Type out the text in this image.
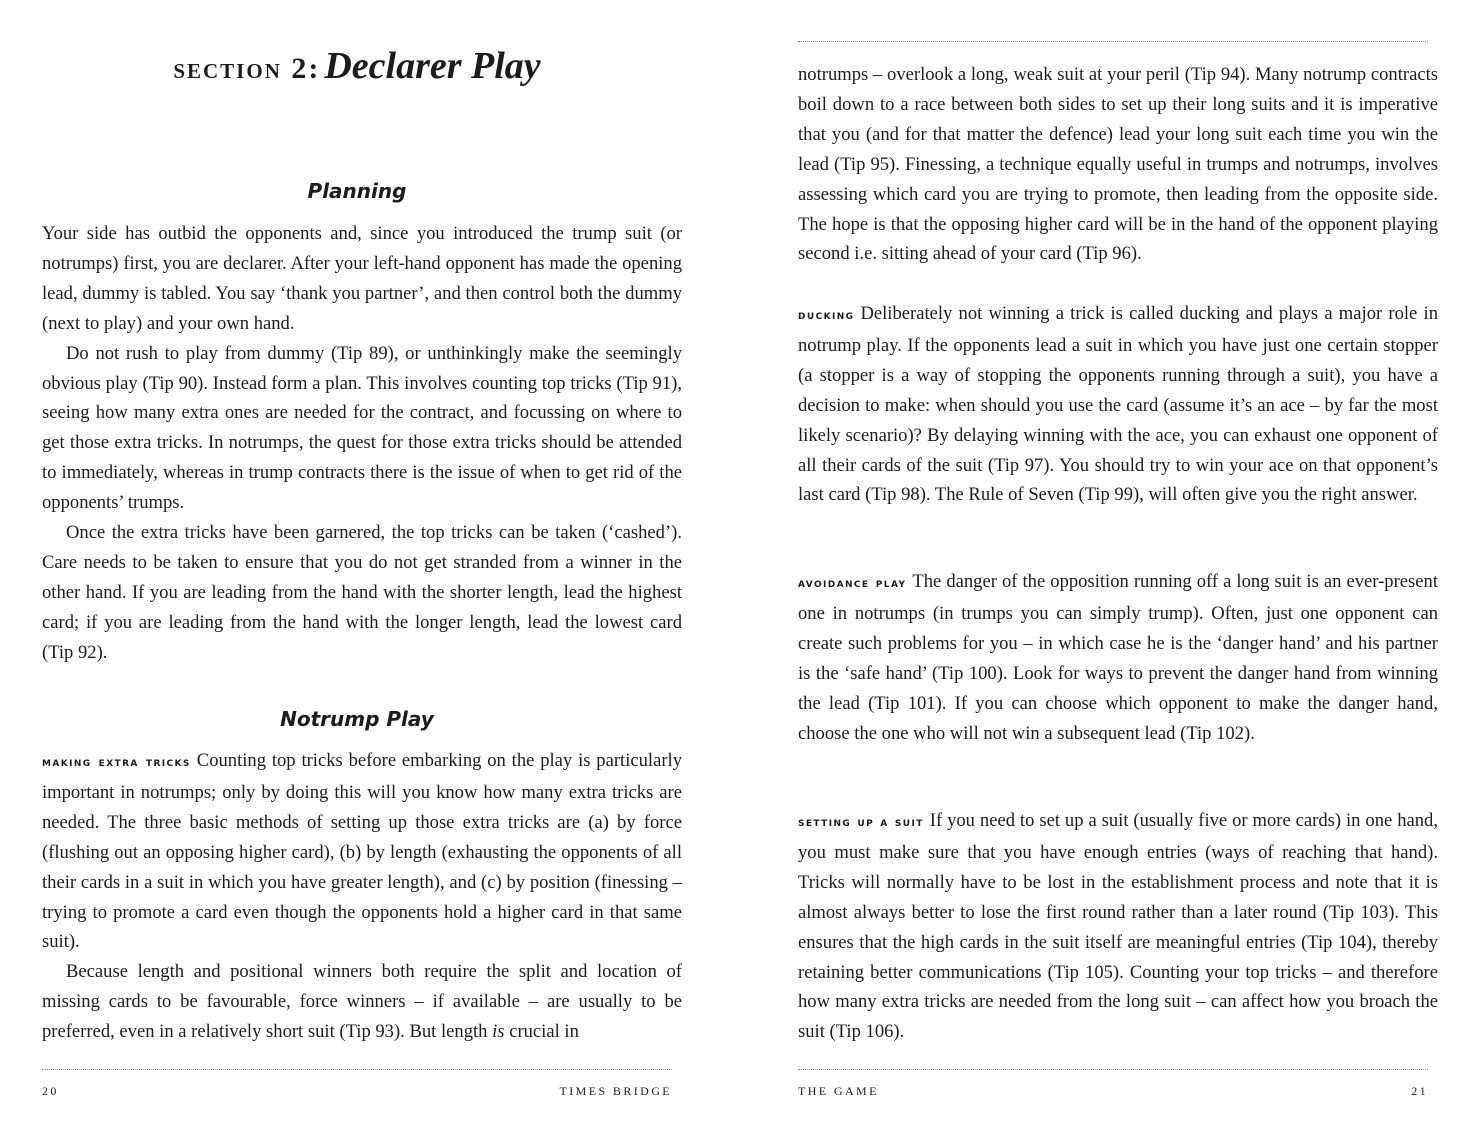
section 2: Declarer Play
Planning

Your side has outbid the opponents and, since you introduced the trump suit (or notrumps) first, you are declarer. After your left-hand opponent has made the opening lead, dummy is tabled. You say ‘thank you partner’, and then control both the dummy (next to play) and your own hand.

Do not rush to play from dummy (Tip 89), or unthinkingly make the seemingly obvious play (Tip 90). Instead form a plan. This involves counting top tricks (Tip 91), seeing how many extra ones are needed for the contract, and focussing on where to get those extra tricks. In notrumps, the quest for those extra tricks should be attended to immediately, whereas in trump contracts there is the issue of when to get rid of the opponents’ trumps.

Once the extra tricks have been garnered, the top tricks can be taken (‘cashed’). Care needs to be taken to ensure that you do not get stranded from a winner in the other hand. If you are leading from the hand with the shorter length, lead the highest card; if you are leading from the hand with the longer length, lead the lowest card (Tip 92).

Notrump Play

making extra tricks Counting top tricks before embarking on the play is particularly important in notrumps; only by doing this will you know how many extra tricks are needed. The three basic methods of setting up those extra tricks are (a) by force (flushing out an opposing higher card), (b) by length (exhausting the opponents of all their cards in a suit in which you have greater length), and (c) by position (finessing – trying to promote a card even though the opponents hold a higher card in that same suit).

Because length and positional winners both require the split and location of missing cards to be favourable, force winners – if available – are usually to be preferred, even in a relatively short suit (Tip 93). But length is crucial in

20	TIMES BRIDGE

notrumps – overlook a long, weak suit at your peril (Tip 94). Many notrump contracts boil down to a race between both sides to set up their long suits and it is imperative that you (and for that matter the defence) lead your long suit each time you win the lead (Tip 95). Finessing, a technique equally useful in trumps and notrumps, involves assessing which card you are trying to promote, then leading from the opposite side. The hope is that the opposing higher card will be in the hand of the opponent playing second i.e. sitting ahead of your card (Tip 96).

ducking Deliberately not winning a trick is called ducking and plays a major role in notrump play. If the opponents lead a suit in which you have just one certain stopper (a stopper is a way of stopping the opponents running through a suit), you have a decision to make: when should you use the card (assume it’s an ace – by far the most likely scenario)? By delaying winning with the ace, you can exhaust one opponent of all their cards of the suit (Tip 97). You should try to win your ace on that opponent’s last card (Tip 98). The Rule of Seven (Tip 99), will often give you the right answer.

avoidance play The danger of the opposition running off a long suit is an ever-present one in notrumps (in trumps you can simply trump). Often, just one opponent can create such problems for you – in which case he is the ‘danger hand’ and his partner is the ‘safe hand’ (Tip 100). Look for ways to prevent the danger hand from winning the lead (Tip 101). If you can choose which opponent to make the danger hand, choose the one who will not win a subsequent lead (Tip 102).

setting up a suit If you need to set up a suit (usually five or more cards) in one hand, you must make sure that you have enough entries (ways of reaching that hand). Tricks will normally have to be lost in the establishment process and note that it is almost always better to lose the first round rather than a later round (Tip 103). This ensures that the high cards in the suit itself are meaningful entries (Tip 104), thereby retaining better communications (Tip 105). Counting your top tricks – and therefore how many extra tricks are needed from the long suit – can affect how you broach the suit (Tip 106).

THE GAME	21
